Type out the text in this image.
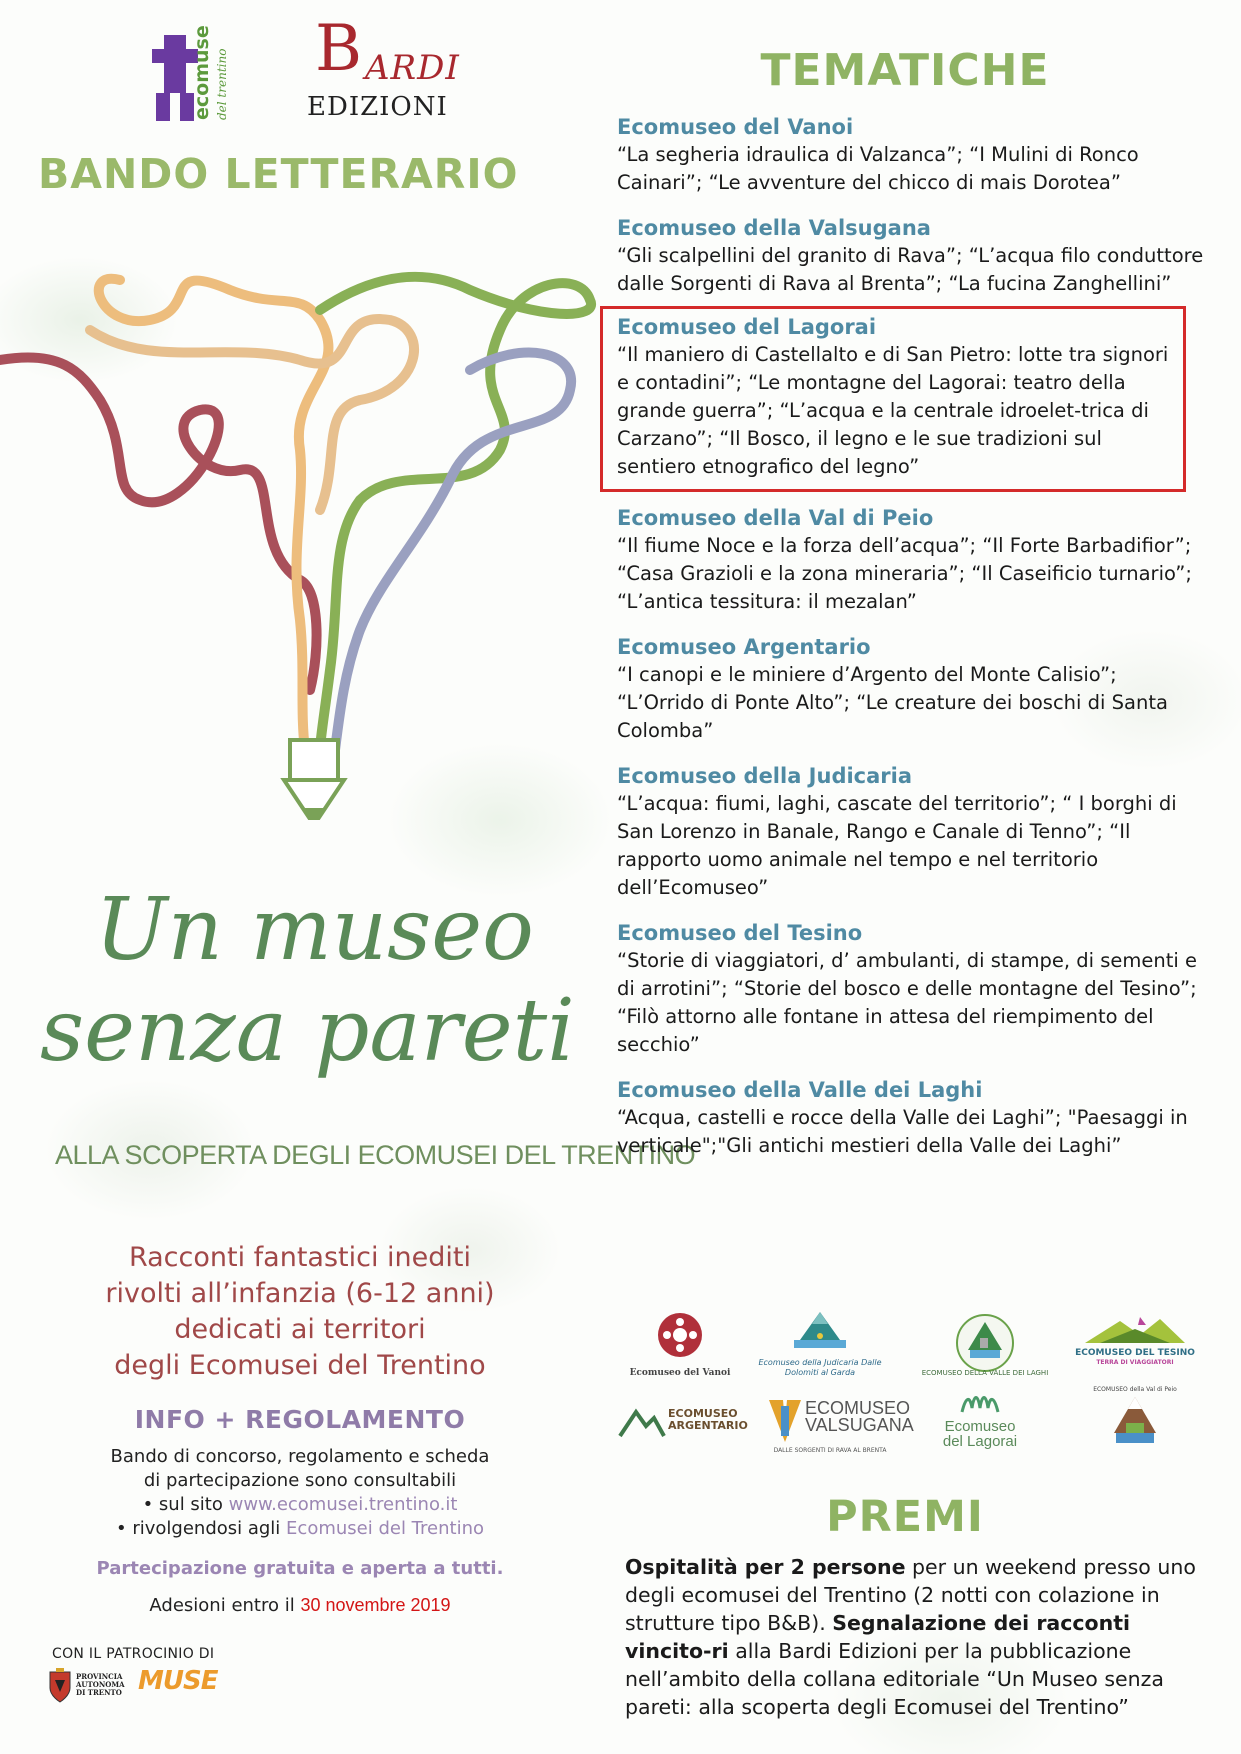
ecomusei del trentino B ARDI
EDIZIONI
BANDO LETTERARIO
Un museo
senza pareti
ALLA SCOPERTA DEGLI ECOMUSEI DEL TRENTINO
Racconti fantastici inediti
rivolti all’infanzia (6-12 anni)
dedicati ai territori
degli Ecomusei del Trentino
INFO + REGOLAMENTO
Bando di concorso, regolamento e scheda
di partecipazione sono consultabili
• sul sito www.ecomusei.trentino.it
• rivolgendosi agli Ecomusei del Trentino
Partecipazione gratuita e aperta a tutti.
Adesioni entro il 30 novembre 2019
CON IL PATROCINIO DI
PROVINCIA
AUTONOMA
DI TRENTO MUSE
TEMATICHE
Ecomuseo del Vanoi
“La segheria idraulica di Valzanca”; “I Mulini di Ronco Cainari”; “Le avventure del chicco di mais Dorotea”
Ecomuseo della Valsugana
“Gli scalpellini del granito di Rava”; “L’acqua filo conduttore dalle Sorgenti di Rava al Brenta”; “La fucina Zanghellini”
Ecomuseo del Lagorai
“Il maniero di Castellalto e di San Pietro: lotte tra signori e contadini”; “Le montagne del Lagorai: teatro della grande guerra”; “L’acqua e la centrale idroelet-trica di Carzano”; “Il Bosco, il legno e le sue tradizioni sul sentiero etnografico del legno”
Ecomuseo della Val di Peio
“Il fiume Noce e la forza dell’acqua”; “Il Forte Barbadifior”; “Casa Grazioli e la zona mineraria”; “Il Caseificio turnario”; “L’antica tessitura: il mezalan”
Ecomuseo Argentario
“I canopi e le miniere d’Argento del Monte Calisio”; “L’Orrido di Ponte Alto”; “Le creature dei boschi di Santa Colomba”
Ecomuseo della Judicaria
“L’acqua: fiumi, laghi, cascate del territorio”; “ I borghi di San Lorenzo in Banale, Rango e Canale di Tenno”; “Il rapporto uomo animale nel tempo e nel territorio dell’Ecomuseo”
Ecomuseo del Tesino
“Storie di viaggiatori, d’ ambulanti, di stampe, di sementi e di arrotini”; “Storie del bosco e delle montagne del Tesino”; “Filò attorno alle fontane in attesa del riempimento del secchio”
Ecomuseo della Valle dei Laghi
“Acqua, castelli e rocce della Valle dei Laghi”; "Paesaggi in verticale";"Gli antichi mestieri della Valle dei Laghi”
Ecomuseo del Vanoi
Ecomuseo della Judicaria Dalle Dolomiti al Garda	ECOMUSEO DELLA VALLE DEI LAGHI
ECOMUSEO DEL TESINO
TERRA DI VIAGGIATORI
ECOMUSEO
ARGENTARIO
ECOMUSEO
VALSUGANA
DALLE SORGENTI DI RAVA AL BRENTA
Ecomuseo
del Lagorai
ECOMUSEO della Val di Peio
PREMI
Ospitalità per 2 persone per un weekend presso uno degli ecomusei del Trentino (2 notti con colazione in strutture tipo B&B). Segnalazione dei racconti vincito-ri alla Bardi Edizioni per la pubblicazione nell’ambito della collana editoriale “Un Museo senza pareti: alla scoperta degli Ecomusei del Trentino”
